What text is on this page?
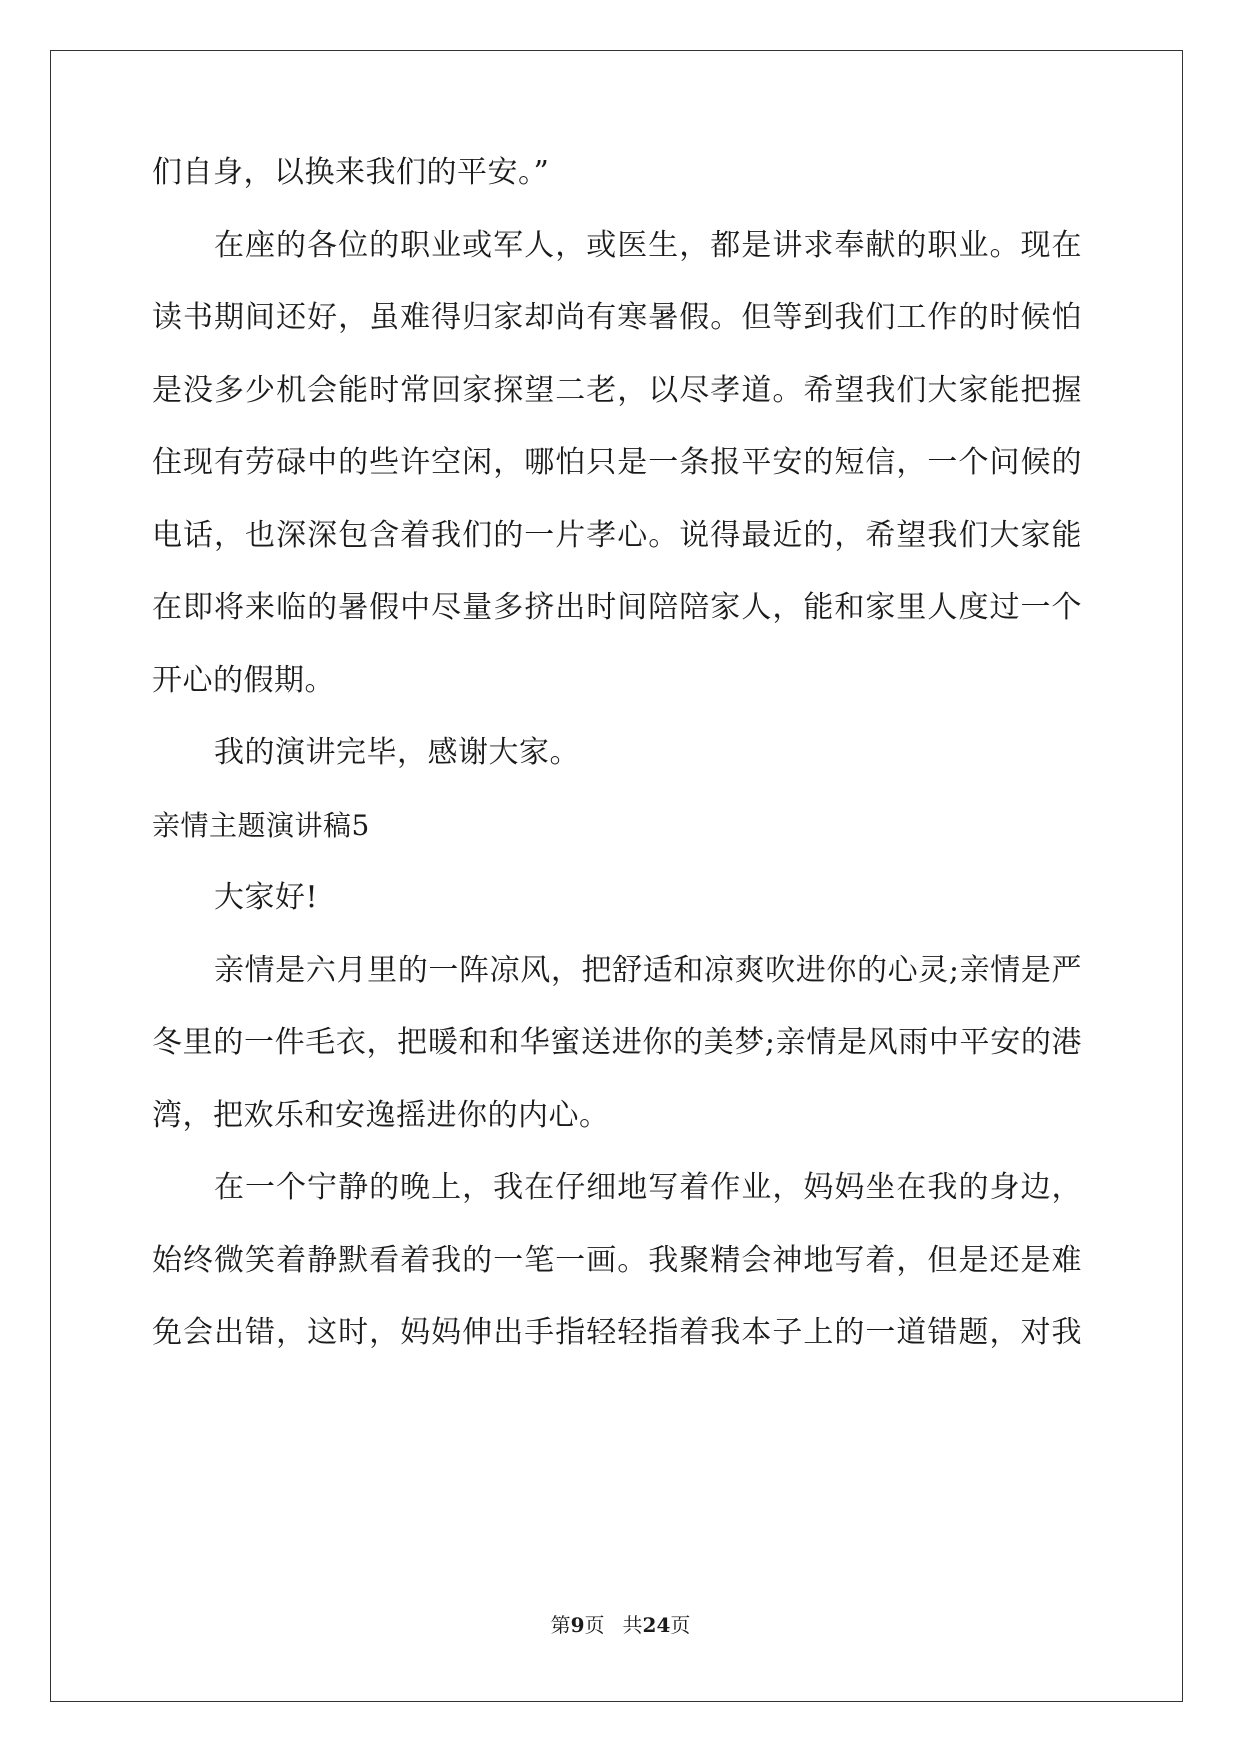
们自身，以换来我们的平安。”
在座的各位的职业或军人，或医生，都是讲求奉献的职业。现在
读书期间还好，虽难得归家却尚有寒暑假。但等到我们工作的时候怕
是没多少机会能时常回家探望二老，以尽孝道。希望我们大家能把握
住现有劳碌中的些许空闲，哪怕只是一条报平安的短信，一个问候的
电话，也深深包含着我们的一片孝心。说得最近的，希望我们大家能
在即将来临的暑假中尽量多挤出时间陪陪家人，能和家里人度过一个
开心的假期。
我的演讲完毕，感谢大家。
亲情主题演讲稿5
大家好!
亲情是六月里的一阵凉风，把舒适和凉爽吹进你的心灵;亲情是严
冬里的一件毛衣，把暖和和华蜜送进你的美梦;亲情是风雨中平安的港
湾，把欢乐和安逸摇进你的内心。
在一个宁静的晚上，我在仔细地写着作业，妈妈坐在我的身边，
始终微笑着静默看着我的一笔一画。我聚精会神地写着，但是还是难
免会出错，这时，妈妈伸出手指轻轻指着我本子上的一道错题，对我
第9页 共24页
